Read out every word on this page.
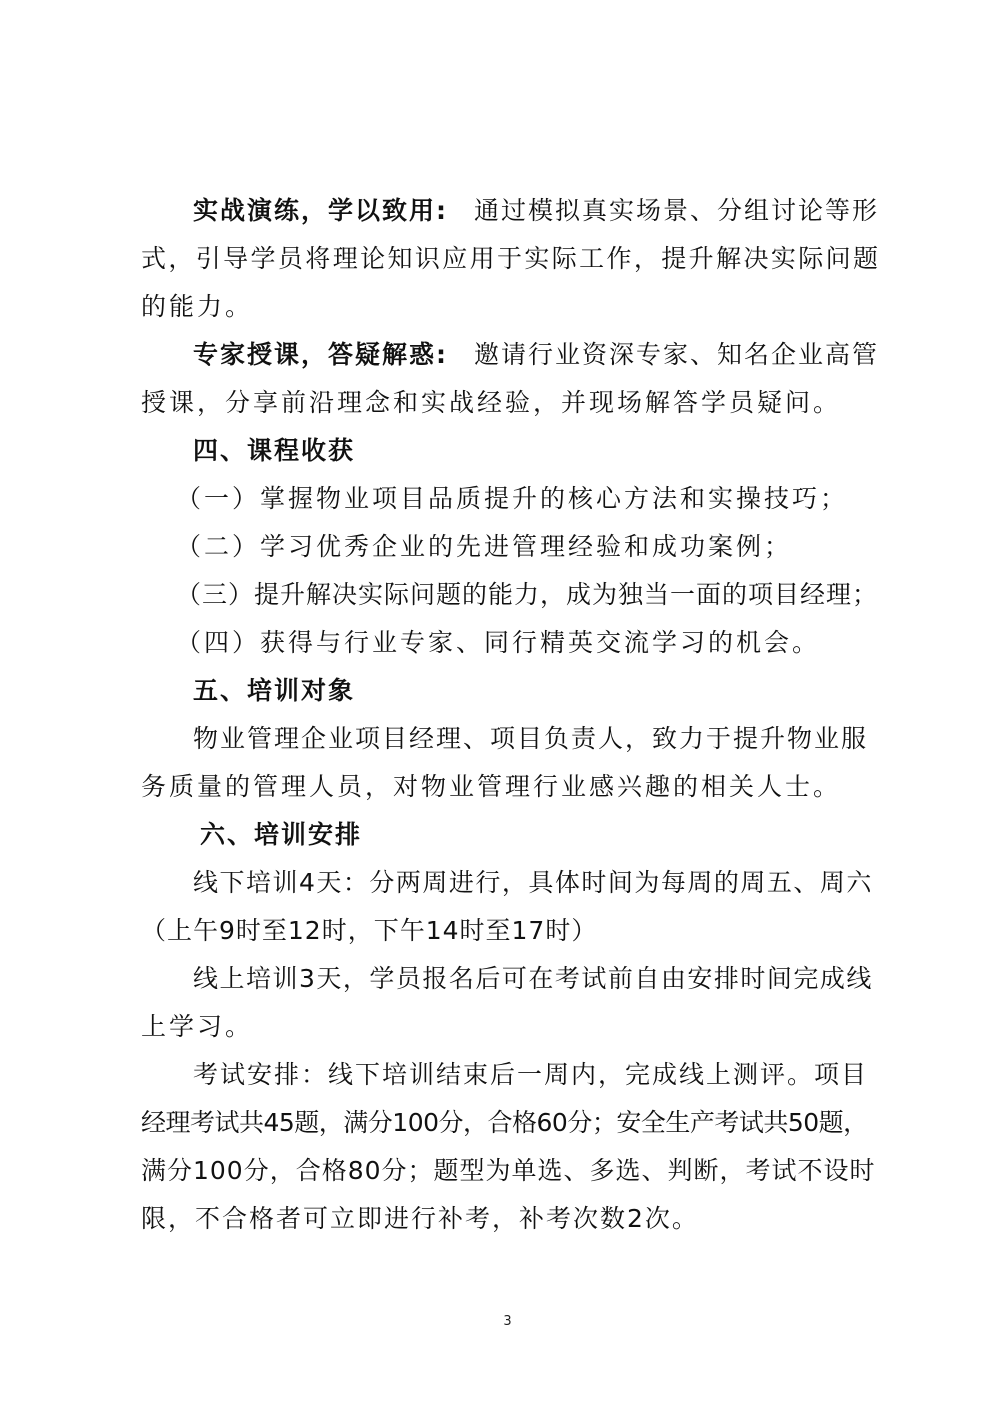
实战演练，学以致用: 通过模拟真实场景、分组讨论等形
式，引导学员将理论知识应用于实际工作，提升解决实际问题
的能力。
专家授课，答疑解惑: 邀请行业资深专家、知名企业高管
授课，分享前沿理念和实战经验，并现场解答学员疑问。
四、课程收获
（一）掌握物业项目品质提升的核心方法和实操技巧；
（二）学习优秀企业的先进管理经验和成功案例；
（三）提升解决实际问题的能力，成为独当一面的项目经理；
（四）获得与行业专家、同行精英交流学习的机会。
五、培训对象
物业管理企业项目经理、项目负责人，致力于提升物业服
务质量的管理人员，对物业管理行业感兴趣的相关人士。
六、培训安排
线下培训4天：分两周进行，具体时间为每周的周五、周六
（上午9时至12时，下午14时至17时）
线上培训3天，学员报名后可在考试前自由安排时间完成线
上学习。
考试安排：线下培训结束后一周内，完成线上测评。项目
经理考试共45题，满分100分，合格60分；安全生产考试共50题，
满分100分，合格80分；题型为单选、多选、判断，考试不设时
限，不合格者可立即进行补考，补考次数2次。
3
